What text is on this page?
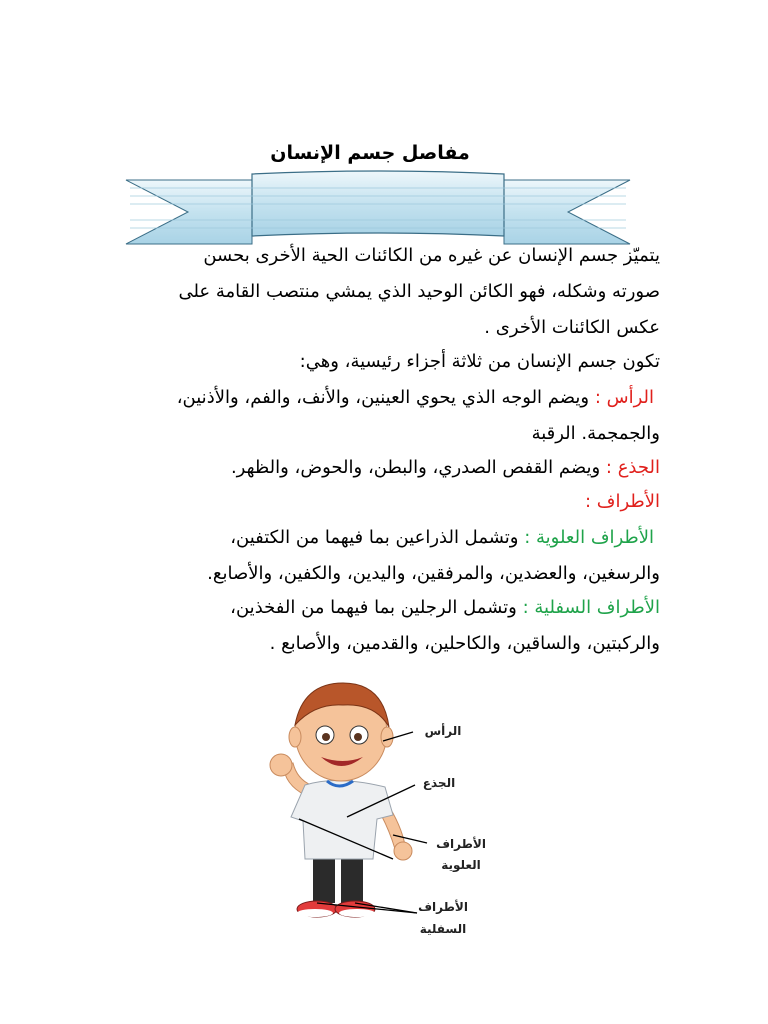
مفاصل جسم الإنسان
يتميّز جسم الإنسان عن غيره من الكائنات الحية الأخرى بحسن
صورته وشكله، فهو الكائن الوحيد الذي يمشي منتصب القامة على
عكس الكائنات الأخرى .
تكون جسم الإنسان من ثلاثة أجزاء رئيسية، وهي:
الرأس : ويضم الوجه الذي يحوي العينين، والأنف، والفم، والأذنين،
والجمجمة. الرقبة
الجذع : ويضم القفص الصدري، والبطن، والحوض، والظهر.
الأطراف :
الأطراف العلوية : وتشمل الذراعين بما فيهما من الكتفين،
والرسغين، والعضدين، والمرفقين، واليدين، والكفين، والأصابع.
الأطراف السفلية : وتشمل الرجلين بما فيهما من الفخذين،
والركبتين، والساقين، والكاحلين، والقدمين، والأصابع .
الرأس
الجذع
الأطراف
العلوية
الأطراف
السفلية
